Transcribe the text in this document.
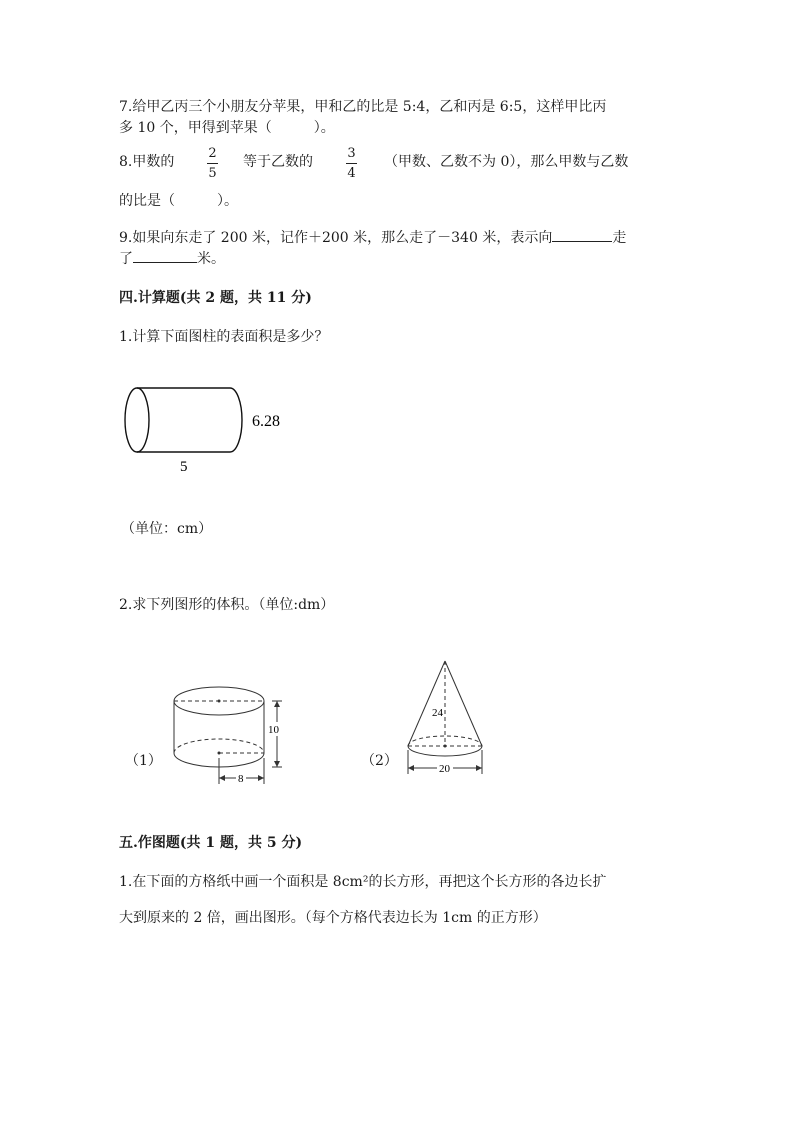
7.给甲乙丙三个小朋友分苹果，甲和乙的比是 5:4，乙和丙是 6:5，这样甲比丙
多 10 个，甲得到苹果（　　　）。
8.甲数的
2
5
等于乙数的
3
4
（甲数、乙数不为 0），那么甲数与乙数
的比是（　　　）。
9.如果向东走了 200 米，记作＋200 米，那么走了－340 米，表示向	走
了	米。
四.计算题(共 2 题，共 11 分)
1.计算下面图柱的表面积是多少？
6.28
5
（单位：cm）
2.求下列图形的体积。（单位:dm）
（1）
10
8
（2）
24
20
五.作图题(共 1 题，共 5 分)
1.在下面的方格纸中画一个面积是 8cm²的长方形，再把这个长方形的各边长扩
大到原来的 2 倍，画出图形。（每个方格代表边长为 1cm 的正方形）
